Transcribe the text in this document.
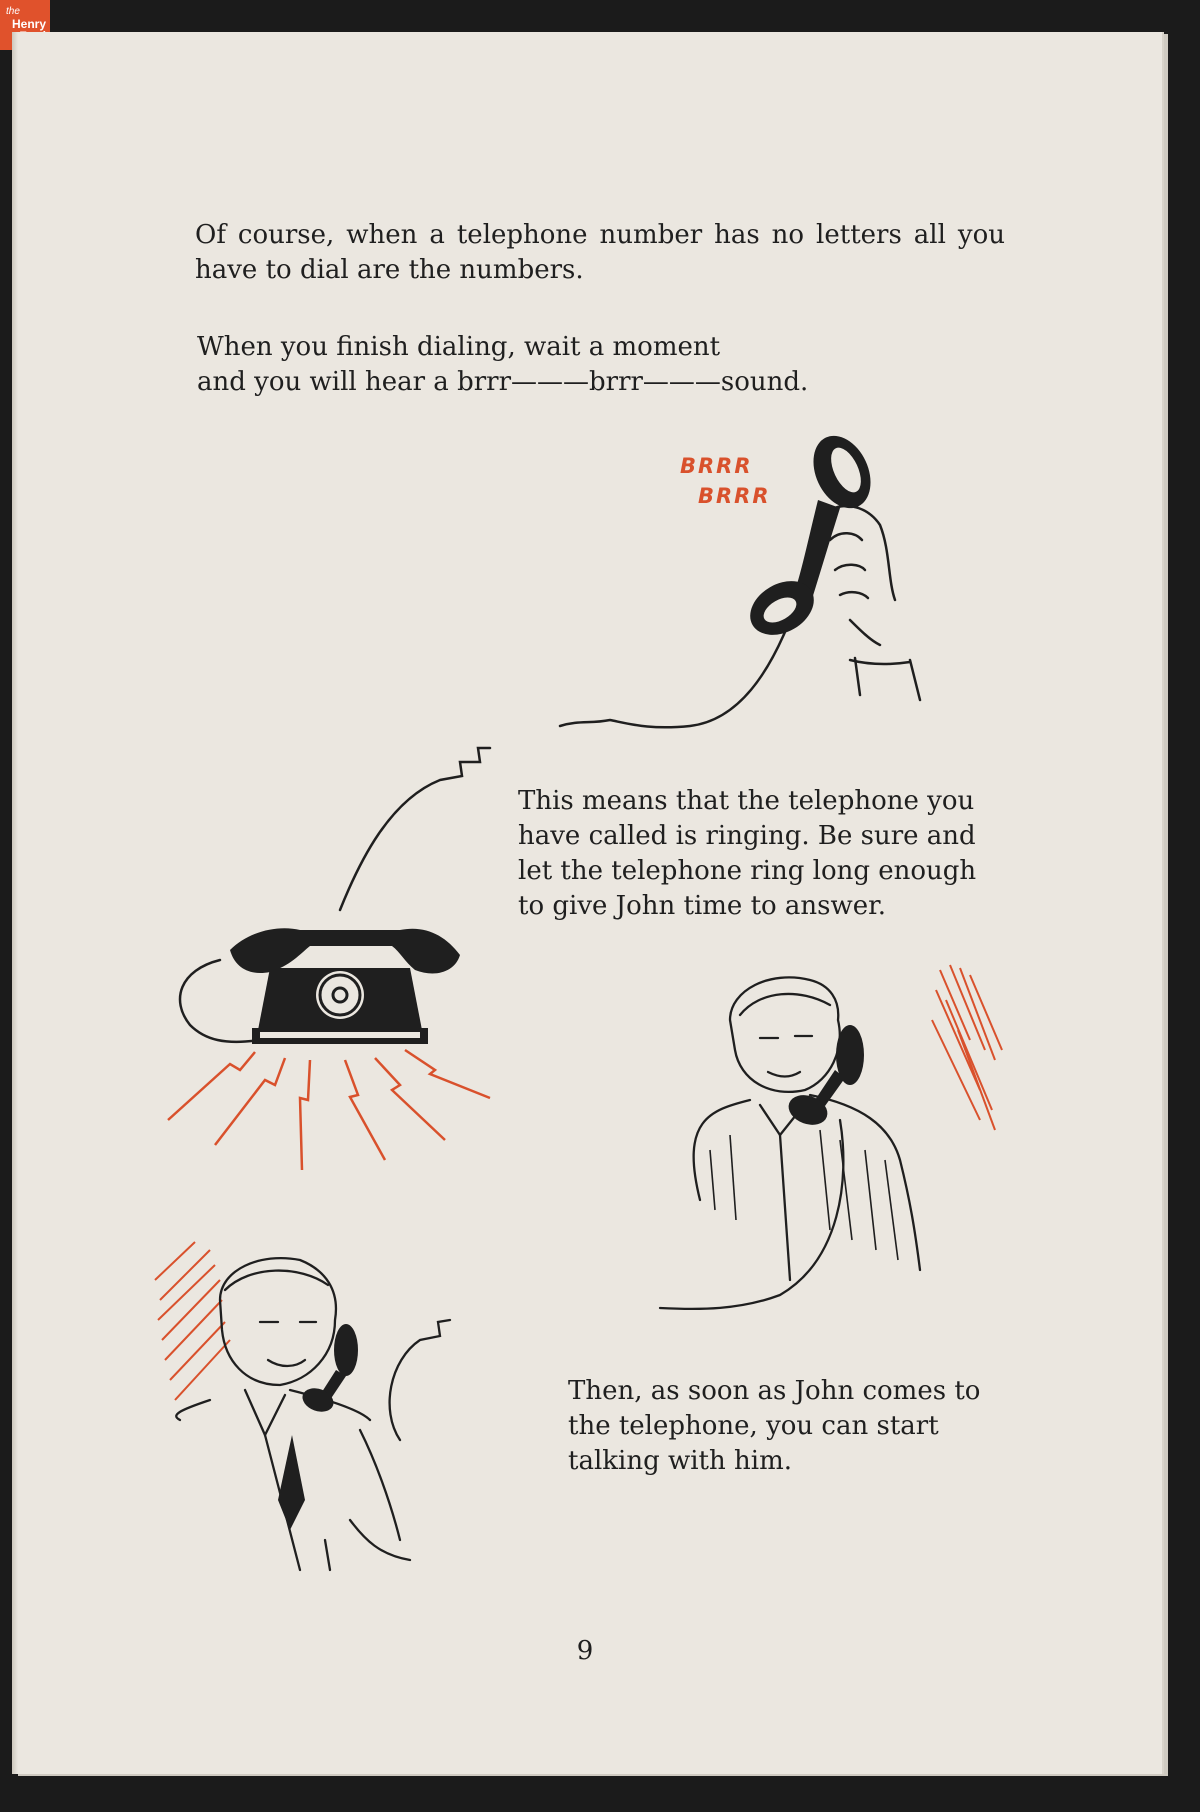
the
Henry

Of course, when a telephone number has no letters all you have to dial are the numbers.

When you finish dialing, wait a moment
and you will hear a brrr———brrr———sound.

BRRR
BRRR

This means that the telephone you have called is ringing. Be sure and let the telephone ring long enough to give John time to answer.

Then, as soon as John comes to the telephone, you can start talking with him.

9
